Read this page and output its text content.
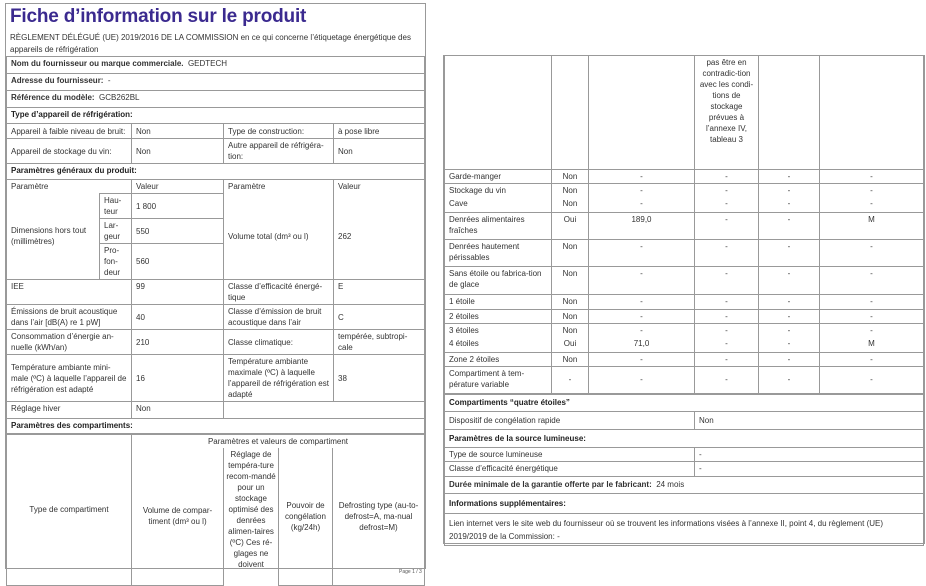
Fiche d’information sur le produit
RÈGLEMENT DÉLÉGUÉ (UE) 2019/2016 DE LA COMMISSION en ce qui concerne l’étiquetage énergétique des appareils de réfrigération
Nom du fournisseur ou marque commerciale. GEDTECH				
Adresse du fournisseur: -				
Référence du modèle: GCB262BL				
Type d’appareil de réfrigération:				
Appareil à faible niveau de bruit:		Non	Type de construction:	à pose libre
Appareil de stockage du vin:		Non	Autre appareil de réfrigéra-tion:	Non
Paramètres généraux du produit:				
Paramètre		Valeur	Paramètre	Valeur
Dimensions hors tout (millimètres)	Hau-teur	1 800	Volume total (dm³ ou l)	262
	Lar-geur	550		
	Pro-fon-deur	560		
IEE		99	Classe d’efficacité énergé-tique	E
Émissions de bruit acoustique dans l’air [dB(A) re 1 pW]		40	Classe d’émission de bruit acoustique dans l’air	C
Consommation d’énergie an-nuelle (kWh/an)		210	Classe climatique:	tempérée, subtropi-cale
Température ambiante mini-male (ºC) à laquelle l’appareil de réfrigération est adapté		16	Température ambiante maximale (ºC) à laquelle l’appareil de réfrigération est adapté	38
Réglage hiver		Non		
Paramètres des compartiments:				
Type de compartiment	Paramètres et valeurs de compartiment			
	Volume de compar-timent (dm³ ou l)	Réglage de tempéra-ture recom-mandé pour un stockage optimisé des denrées alimen-taires (ºC) Ces ré-glages ne doivent	Pouvoir de congélation (kg/24h)	Defrosting type (au-to-defrost=A, ma-nual defrost=M)
			pas être en contradic-tion avec les condi-tions de stockage prévues à l’annexe IV, tableau 3		
Garde-manger	Non	-	-	-	-
Stockage du vin	Non	-	-	-	-
Cave	Non	-	-	-	-
Denrées alimentaires fraîches	Oui	189,0	-	-	M
Denrées hautement périssables	Non	-	-	-	-
Sans étoile ou fabrica-tion de glace	Non	-	-	-	-
1 étoile	Non	-	-	-	-
2 étoiles	Non	-	-	-	-
3 étoiles	Non	-	-	-	-
4 étoiles	Oui	71,0	-	-	M
Zone 2 étoiles	Non	-	-	-	-
Compartiment à tem-pérature variable	-	-	-	-	-
Compartiments “quatre étoiles”	
Dispositif de congélation rapide	Non
Paramètres de la source lumineuse:	
Type de source lumineuse	-
Classe d’efficacité énergétique	-
Durée minimale de la garantie offerte par le fabricant: 24 mois	
Informations supplémentaires:	
Lien internet vers le site web du fournisseur où se trouvent les informations visées à l’annexe II, point 4, du règlement (UE) 2019/2019 de la Commission: -	
Page 1 / 3
